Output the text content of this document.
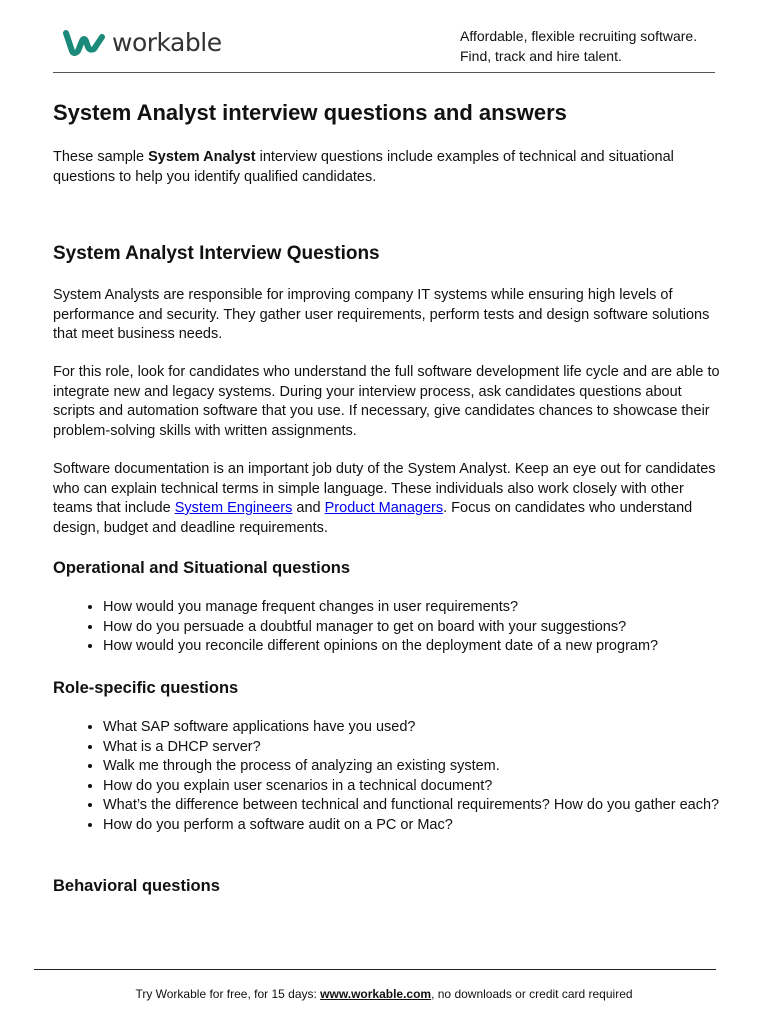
workable	Affordable, flexible recruiting software.
Find, track and hire talent.
System Analyst interview questions and answers

These sample System Analyst interview questions include examples of technical and situational questions to help you identify qualified candidates.

System Analyst Interview Questions

System Analysts are responsible for improving company IT systems while ensuring high levels of performance and security. They gather user requirements, perform tests and design software solutions that meet business needs.

For this role, look for candidates who understand the full software development life cycle and are able to integrate new and legacy systems. During your interview process, ask candidates questions about scripts and automation software that you use. If necessary, give candidates chances to showcase their problem-solving skills with written assignments.

Software documentation is an important job duty of the System Analyst. Keep an eye out for candidates who can explain technical terms in simple language. These individuals also work closely with other teams that include System Engineers and Product Managers. Focus on candidates who understand design, budget and deadline requirements.

Operational and Situational questions
• How would you manage frequent changes in user requirements?
• How do you persuade a doubtful manager to get on board with your suggestions?
• How would you reconcile different opinions on the deployment date of a new program?
Role-specific questions
• What SAP software applications have you used?
• What is a DHCP server?
• Walk me through the process of analyzing an existing system.
• How do you explain user scenarios in a technical document?
• What’s the difference between technical and functional requirements? How do you gather each?
• How do you perform a software audit on a PC or Mac?
Behavioral questions
Try Workable for free, for 15 days: www.workable.com, no downloads or credit card required
